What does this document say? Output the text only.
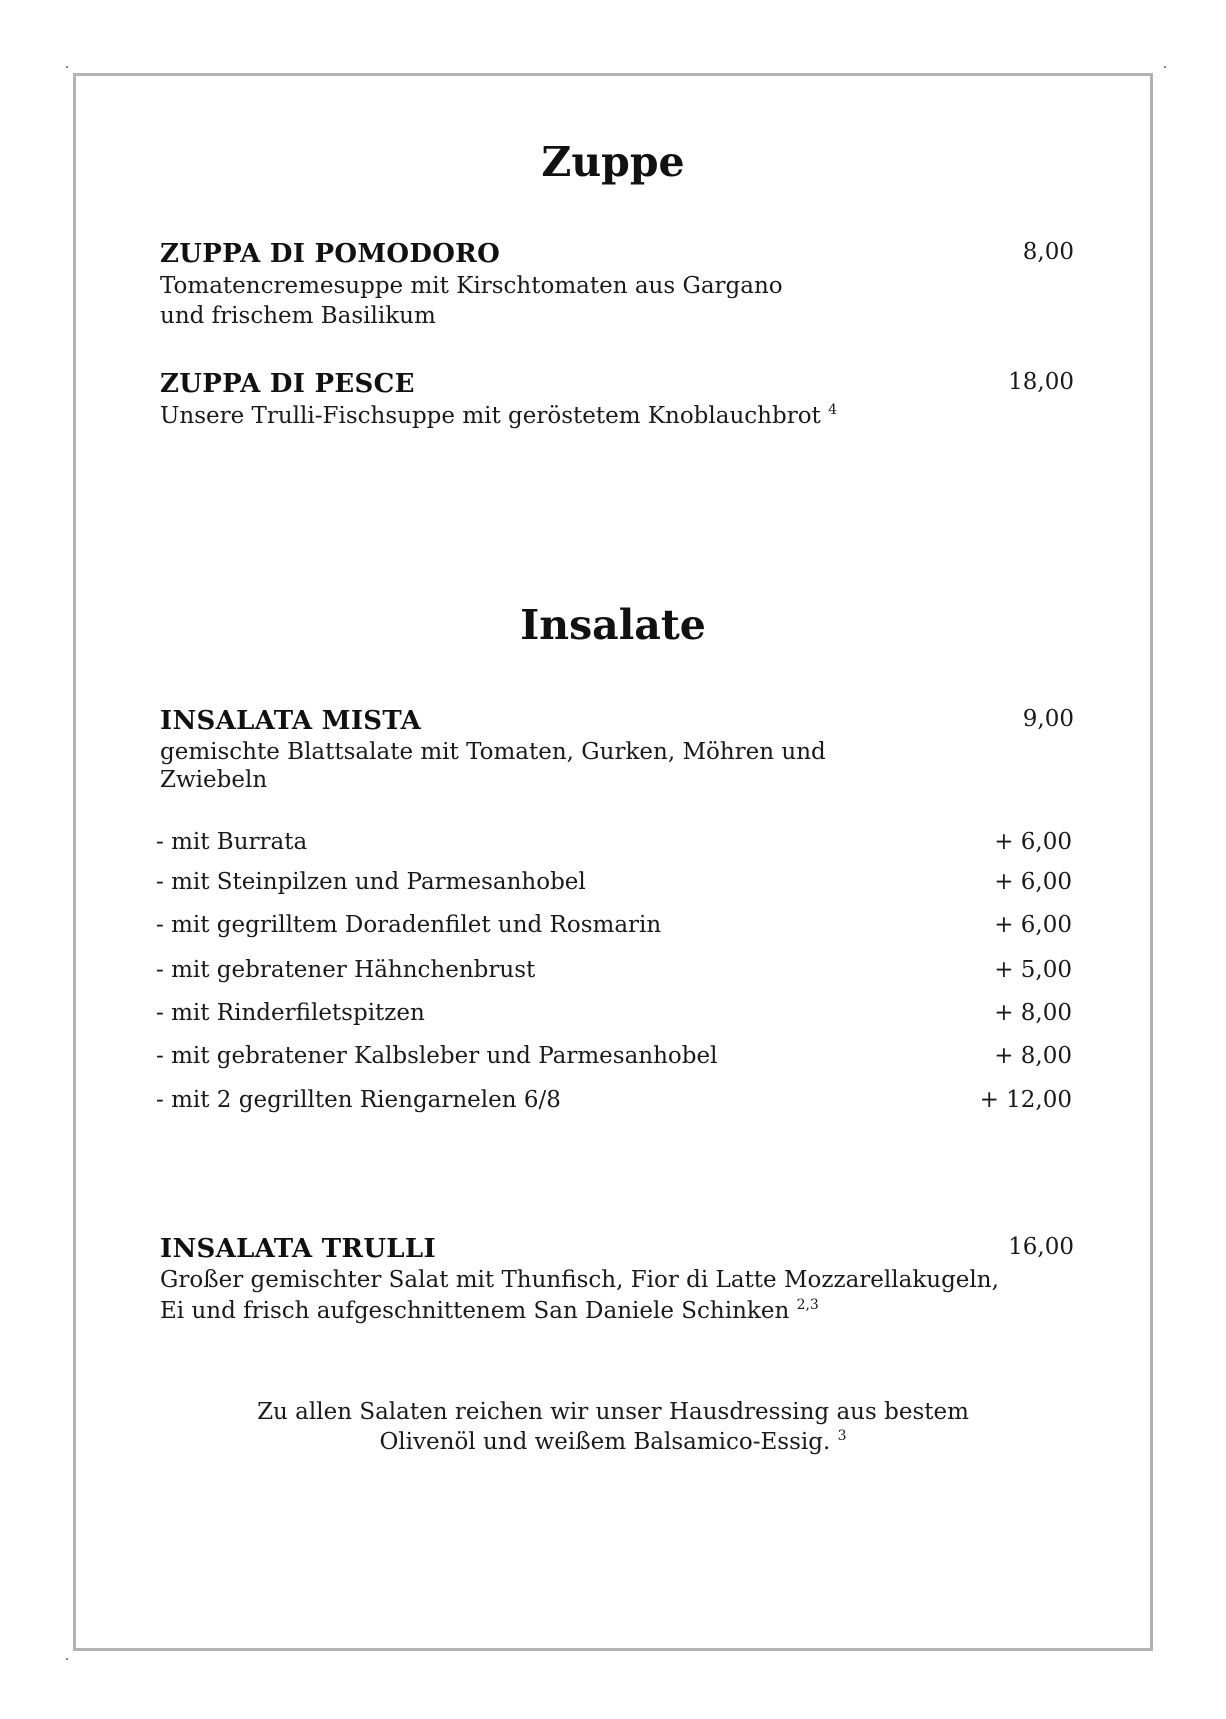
Zuppe
ZUPPA DI POMODORO	8,00
Tomatencremesuppe mit Kirschtomaten aus Gargano
und frischem Basilikum
ZUPPA DI PESCE	18,00
Unsere Trulli-Fischsuppe mit geröstetem Knoblauchbrot $^4$
Insalate
INSALATA MISTA	9,00
gemischte Blattsalate mit Tomaten, Gurken, Möhren und
Zwiebeln
- mit Burrata	+ 6,00
- mit Steinpilzen und Parmesanhobel	+ 6,00
- mit gegrilltem Doradenfilet und Rosmarin	+ 6,00
- mit gebratener Hähnchenbrust	+ 5,00
- mit Rinderfiletspitzen	+ 8,00
- mit gebratener Kalbsleber und Parmesanhobel	+ 8,00
- mit 2 gegrillten Riengarnelen 6/8	+ 12,00
INSALATA TRULLI	16,00
Großer gemischter Salat mit Thunfisch, Fior di Latte Mozzarellakugeln,
Ei und frisch aufgeschnittenem San Daniele Schinken $^{2,3}$
Zu allen Salaten reichen wir unser Hausdressing aus bestem
Olivenöl und weißem Balsamico-Essig. $^3$
